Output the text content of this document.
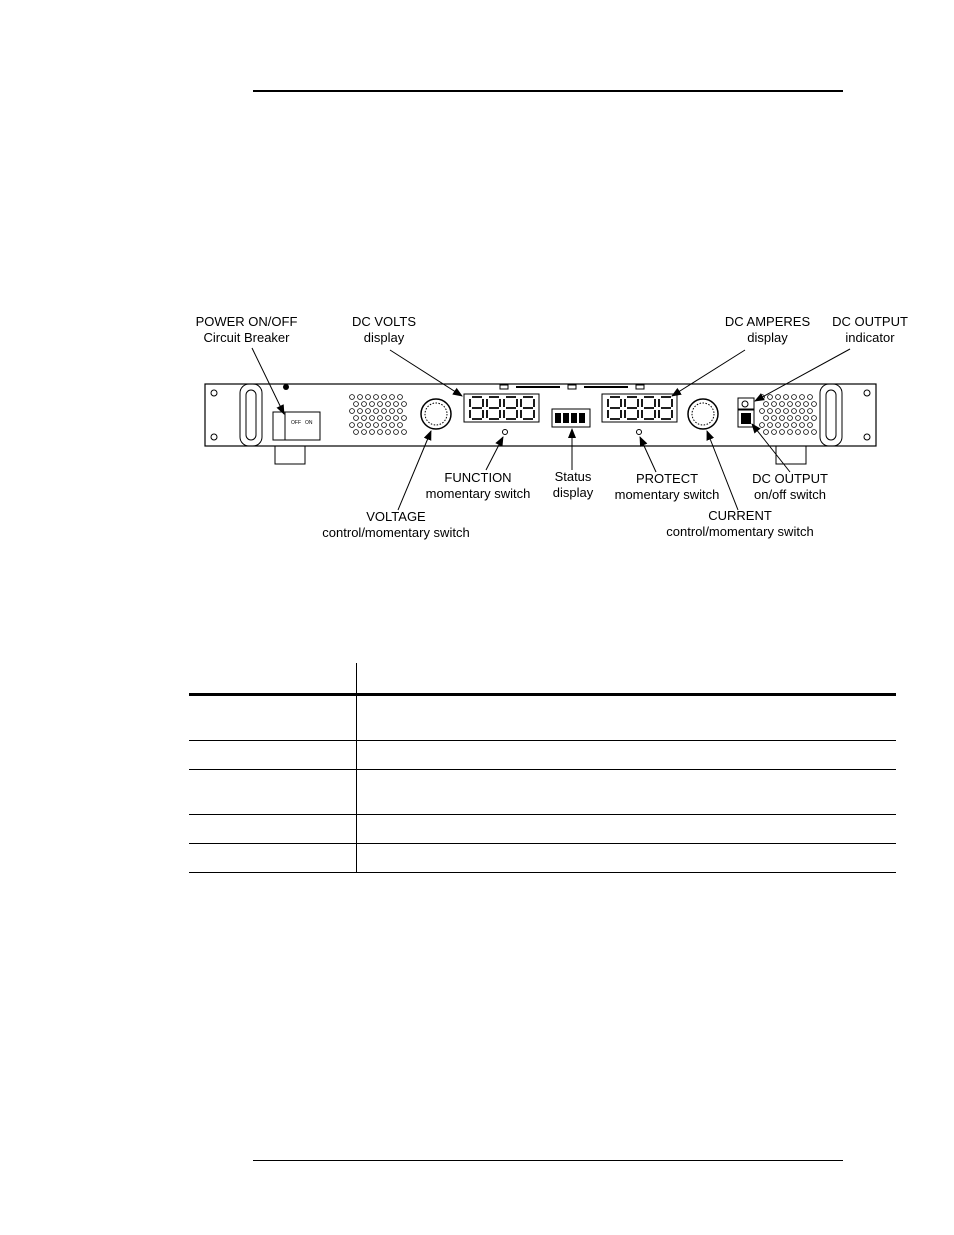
OFF ON
POWER ON/OFF
Circuit Breaker
DC VOLTS
display
DC AMPERES
display
DC OUTPUT
indicator
FUNCTION
momentary switch
Status
display
PROTECT
momentary switch
DC OUTPUT
on/off switch
VOLTAGE
control/momentary switch
CURRENT
control/momentary switch
